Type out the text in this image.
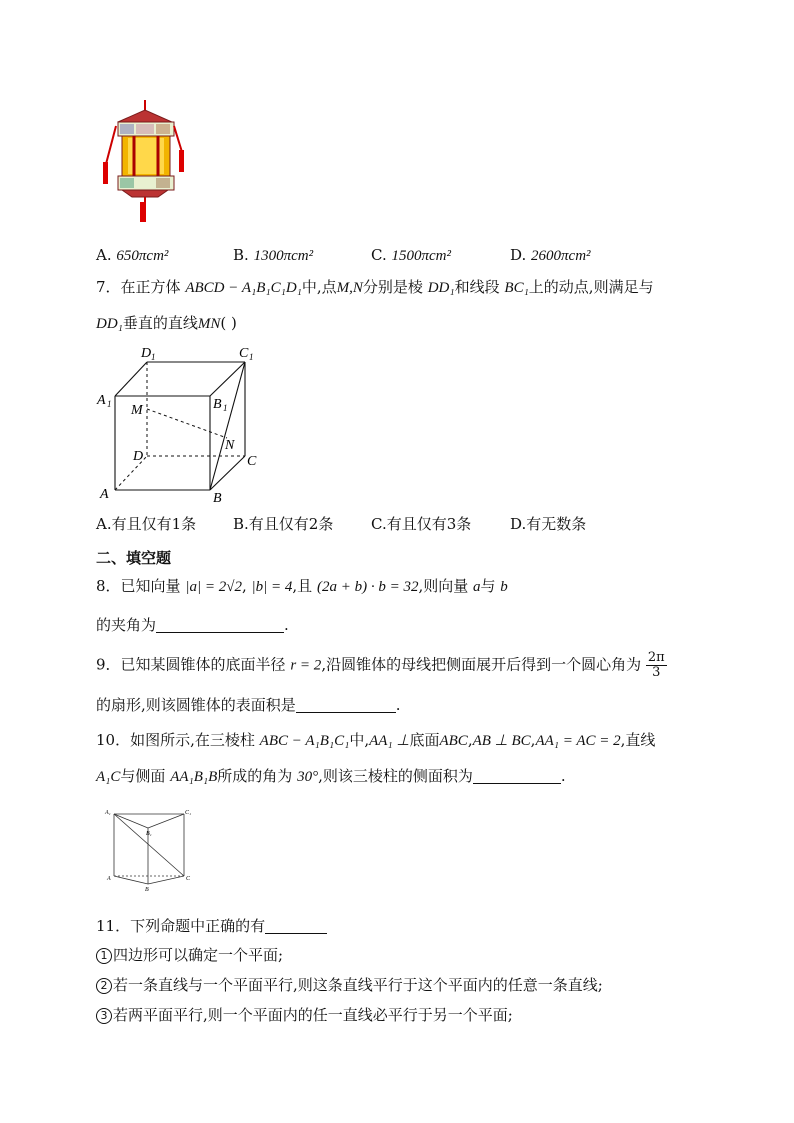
A. 650πcm²	B. 1300πcm²	C. 1500πcm²	D. 2600πcm²
7．在正方体 ABCD − A₁B₁C₁D₁中,点M,N分别是棱 DD₁和线段 BC₁上的动点,则满足与
DD₁垂直的直线MN( )
D 1	C 1
A 1	B 1
M
N
D	C
A	B
A.有且仅有1条 B.有且仅有2条	C.有且仅有3条	D.有无数条
二、填空题
8．已知向量 |a| = 2√2, |b| = 4,且 (2a + b) · b = 32,则向量 a与 b
的夹角为	.
9．已知某圆锥体的底面半径 r = 2,沿圆锥体的母线把侧面展开后得到一个圆心角为 $\frac{2\pi}{3}$
的扇形,则该圆锥体的表面积是	.
10．如图所示,在三棱柱 ABC − A₁B₁C₁中,AA₁ ⊥底面ABC,AB ⊥ BC,AA₁ = AC = 2,直线
A₁C与侧面 AA₁B₁B所成的角为 30°,则该三棱柱的侧面积为	.
A₁
B₁
C₁
A
B
C
11．下列命题中正确的有
1 四边形可以确定一个平面;
2 若一条直线与一个平面平行,则这条直线平行于这个平面内的任意一条直线;
3 若两平面平行,则一个平面内的任一直线必平行于另一个平面;
